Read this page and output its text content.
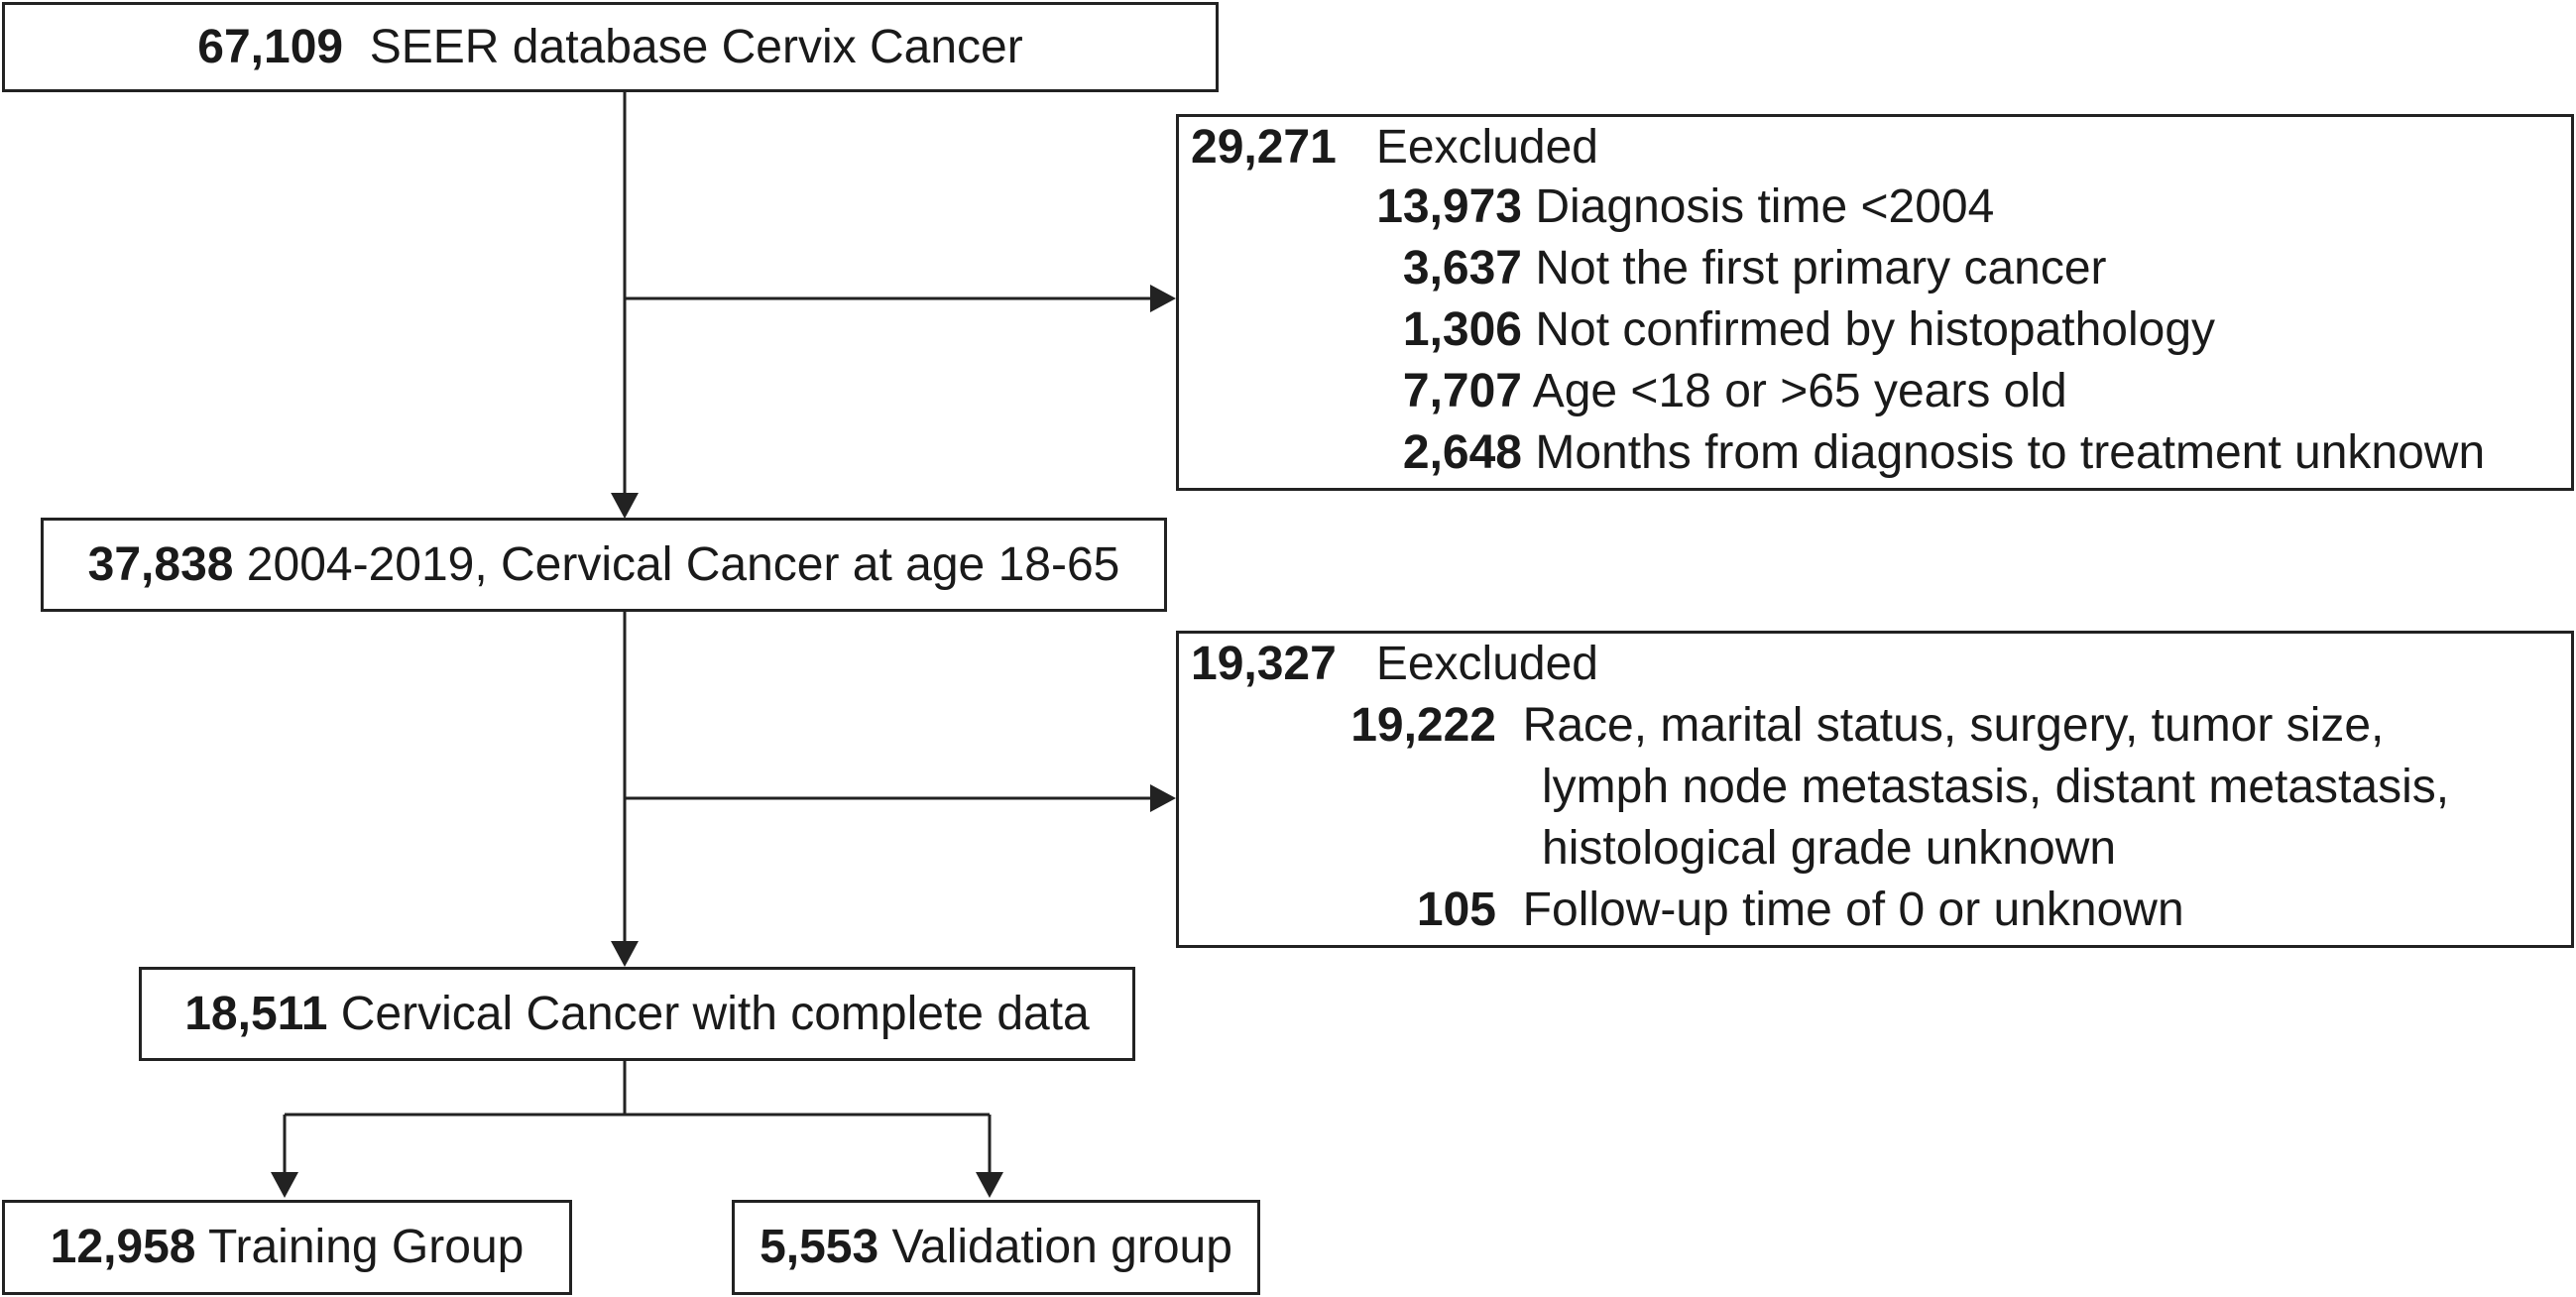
67,109 SEER database Cervix Cancer
29,271 Eexcluded
13,973 Diagnosis time <2004
3,637 Not the first primary cancer
1,306 Not confirmed by histopathology
7,707 Age <18 or >65 years old
2,648 Months from diagnosis to treatment unknown
37,838 2004-2019, Cervical Cancer at age 18-65
19,327 Eexcluded
19,222 Race, marital status, surgery, tumor size,
lymph node metastasis, distant metastasis,
histological grade unknown
105 Follow-up time of 0 or unknown
18,511 Cervical Cancer with complete data
12,958 Training Group	5,553 Validation group
